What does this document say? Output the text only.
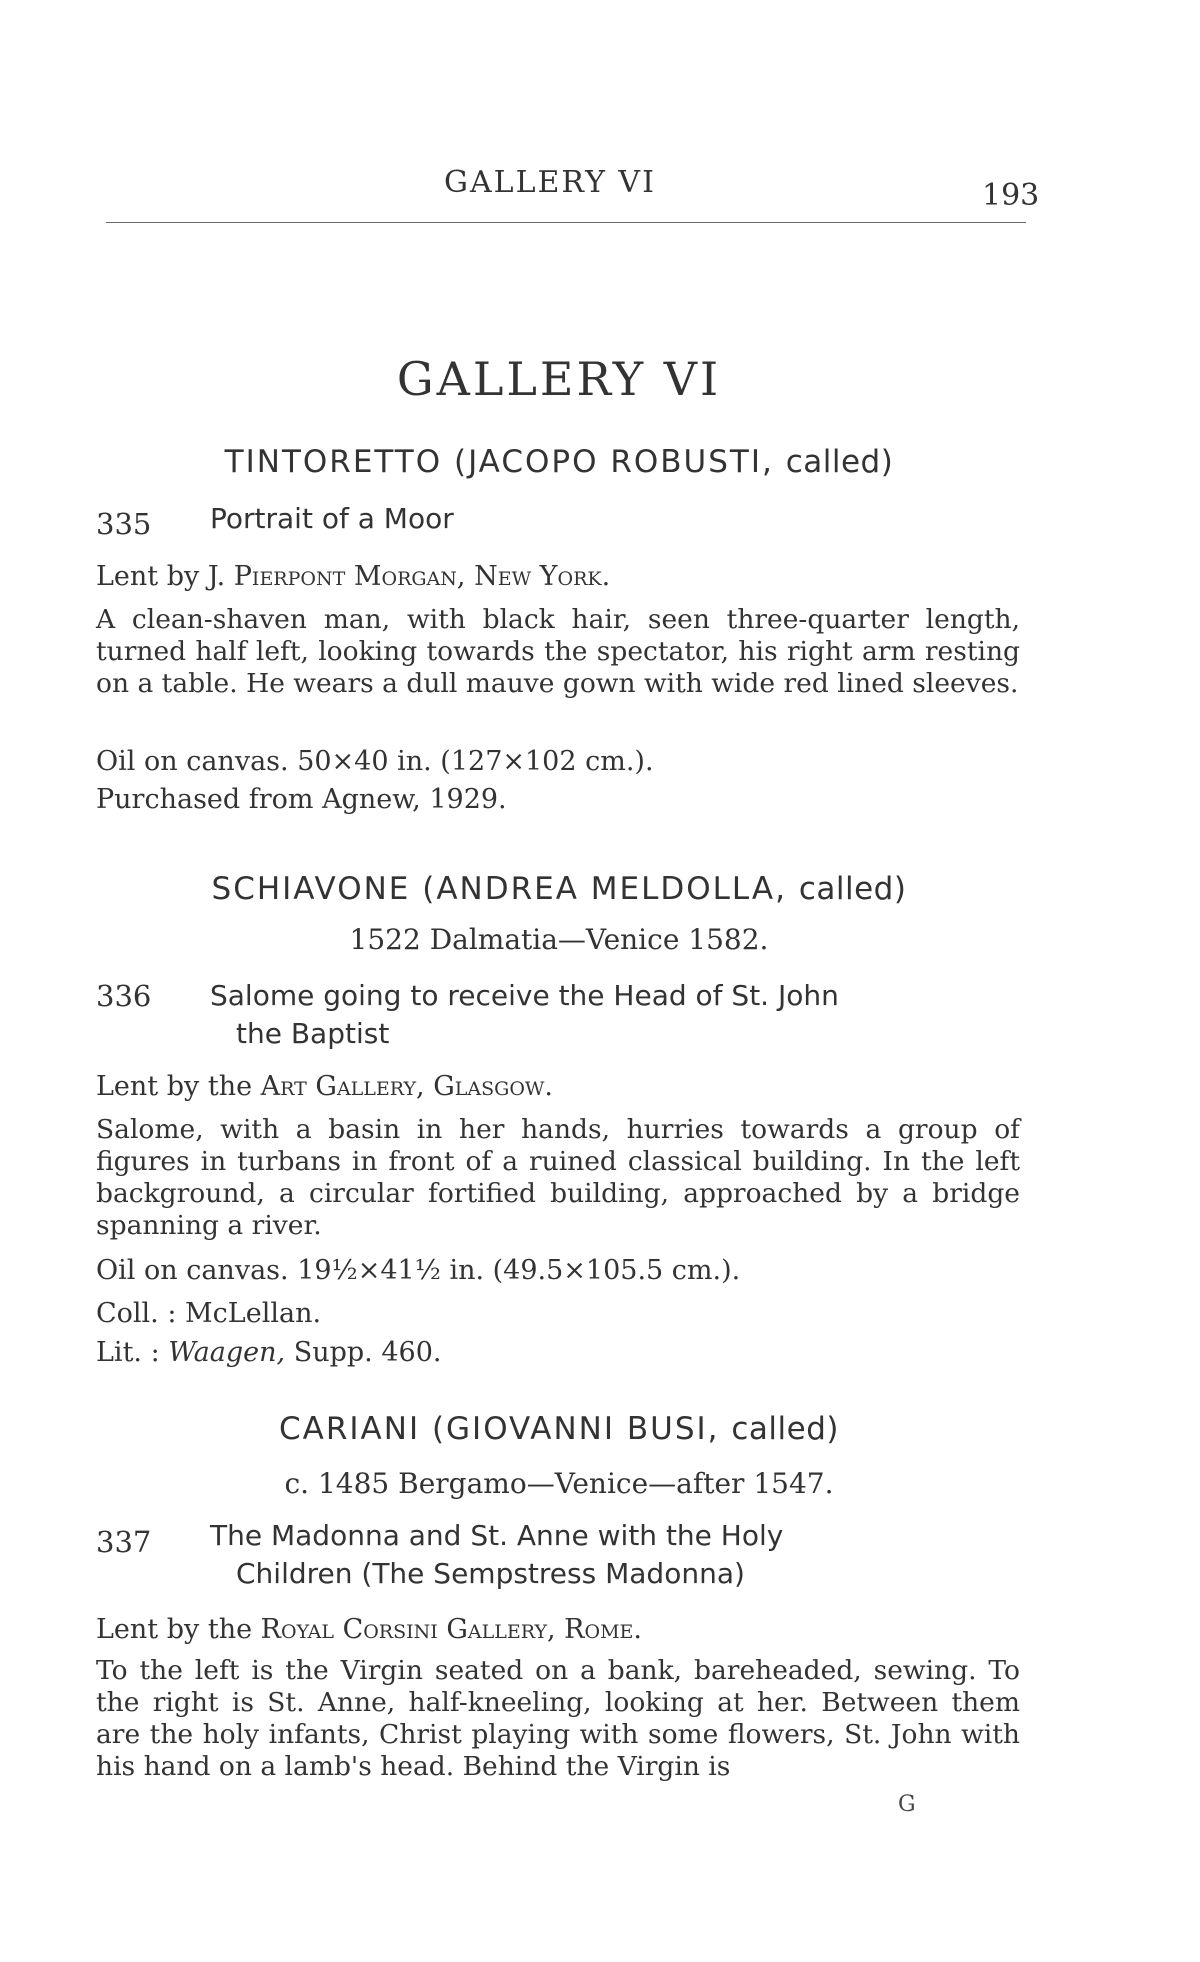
GALLERY VI	193
GALLERY VI
TINTORETTO (JACOPO ROBUSTI, called)
335 Portrait of a Moor
Lent by J. Pierpont Morgan, New York.
A clean-shaven man, with black hair, seen three-quarter length, turned half left, looking towards the spectator, his right arm resting on a table. He wears a dull mauve gown with wide red lined sleeves.
Oil on canvas. 50×40 in. (127×102 cm.).
Purchased from Agnew, 1929.
SCHIAVONE (ANDREA MELDOLLA, called)
1522 Dalmatia—Venice 1582.
336 Salome going to receive the Head of St. John
the Baptist
Lent by the Art Gallery, Glasgow.
Salome, with a basin in her hands, hurries towards a group of figures in turbans in front of a ruined classical building. In the left background, a circular fortified building, approached by a bridge spanning a river.
Oil on canvas. 19½×41½ in. (49.5×105.5 cm.).
Coll. : McLellan.
Lit. : Waagen, Supp. 460.
CARIANI (GIOVANNI BUSI, called)
c. 1485 Bergamo—Venice—after 1547.
337 The Madonna and St. Anne with the Holy
Children (The Sempstress Madonna)
Lent by the Royal Corsini Gallery, Rome.
To the left is the Virgin seated on a bank, bareheaded, sewing. To the right is St. Anne, half-kneeling, looking at her. Between them are the holy infants, Christ playing with some flowers, St. John with his hand on a lamb's head. Behind the Virgin is
G
